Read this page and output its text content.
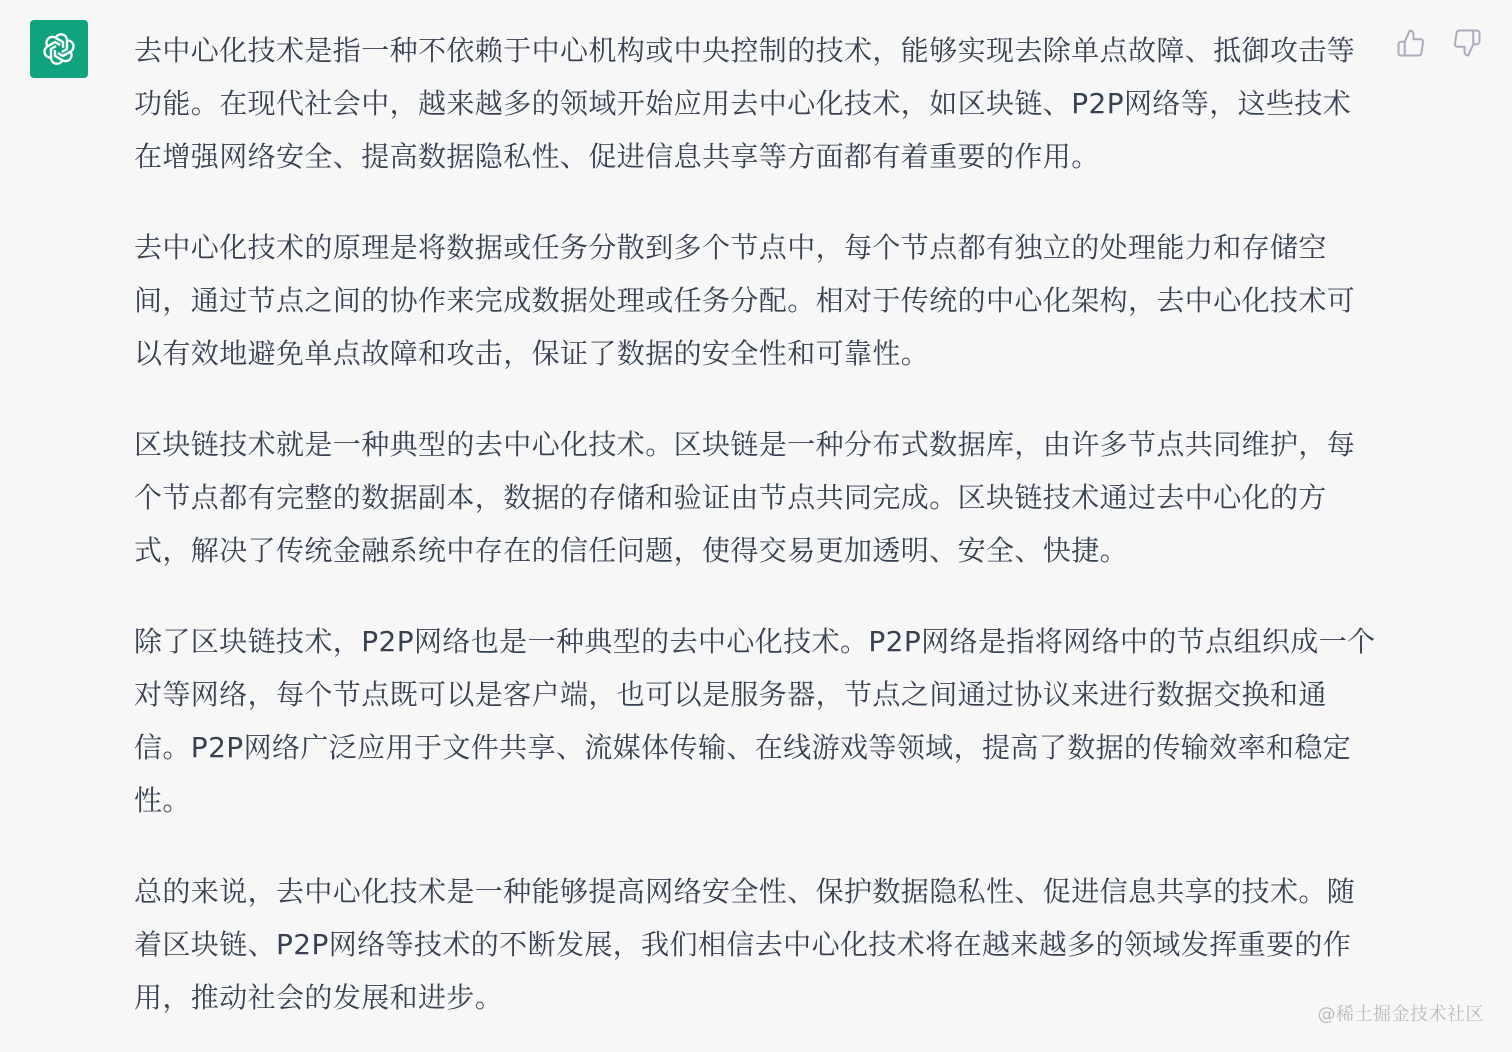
去中心化技术是指一种不依赖于中心机构或中央控制的技术，能够实现去除单点故障、抵御攻击等功能。在现代社会中，越来越多的领域开始应用去中心化技术，如区块链、P2P网络等，这些技术在增强网络安全、提高数据隐私性、促进信息共享等方面都有着重要的作用。

去中心化技术的原理是将数据或任务分散到多个节点中，每个节点都有独立的处理能力和存储空间，通过节点之间的协作来完成数据处理或任务分配。相对于传统的中心化架构，去中心化技术可以有效地避免单点故障和攻击，保证了数据的安全性和可靠性。

区块链技术就是一种典型的去中心化技术。区块链是一种分布式数据库，由许多节点共同维护，每个节点都有完整的数据副本，数据的存储和验证由节点共同完成。区块链技术通过去中心化的方式，解决了传统金融系统中存在的信任问题，使得交易更加透明、安全、快捷。

除了区块链技术，P2P网络也是一种典型的去中心化技术。P2P网络是指将网络中的节点组织成一个对等网络，每个节点既可以是客户端，也可以是服务器，节点之间通过协议来进行数据交换和通信。P2P网络广泛应用于文件共享、流媒体传输、在线游戏等领域，提高了数据的传输效率和稳定性。

总的来说，去中心化技术是一种能够提高网络安全性、保护数据隐私性、促进信息共享的技术。随着区块链、P2P网络等技术的不断发展，我们相信去中心化技术将在越来越多的领域发挥重要的作用，推动社会的发展和进步。

@稀土掘金技术社区
